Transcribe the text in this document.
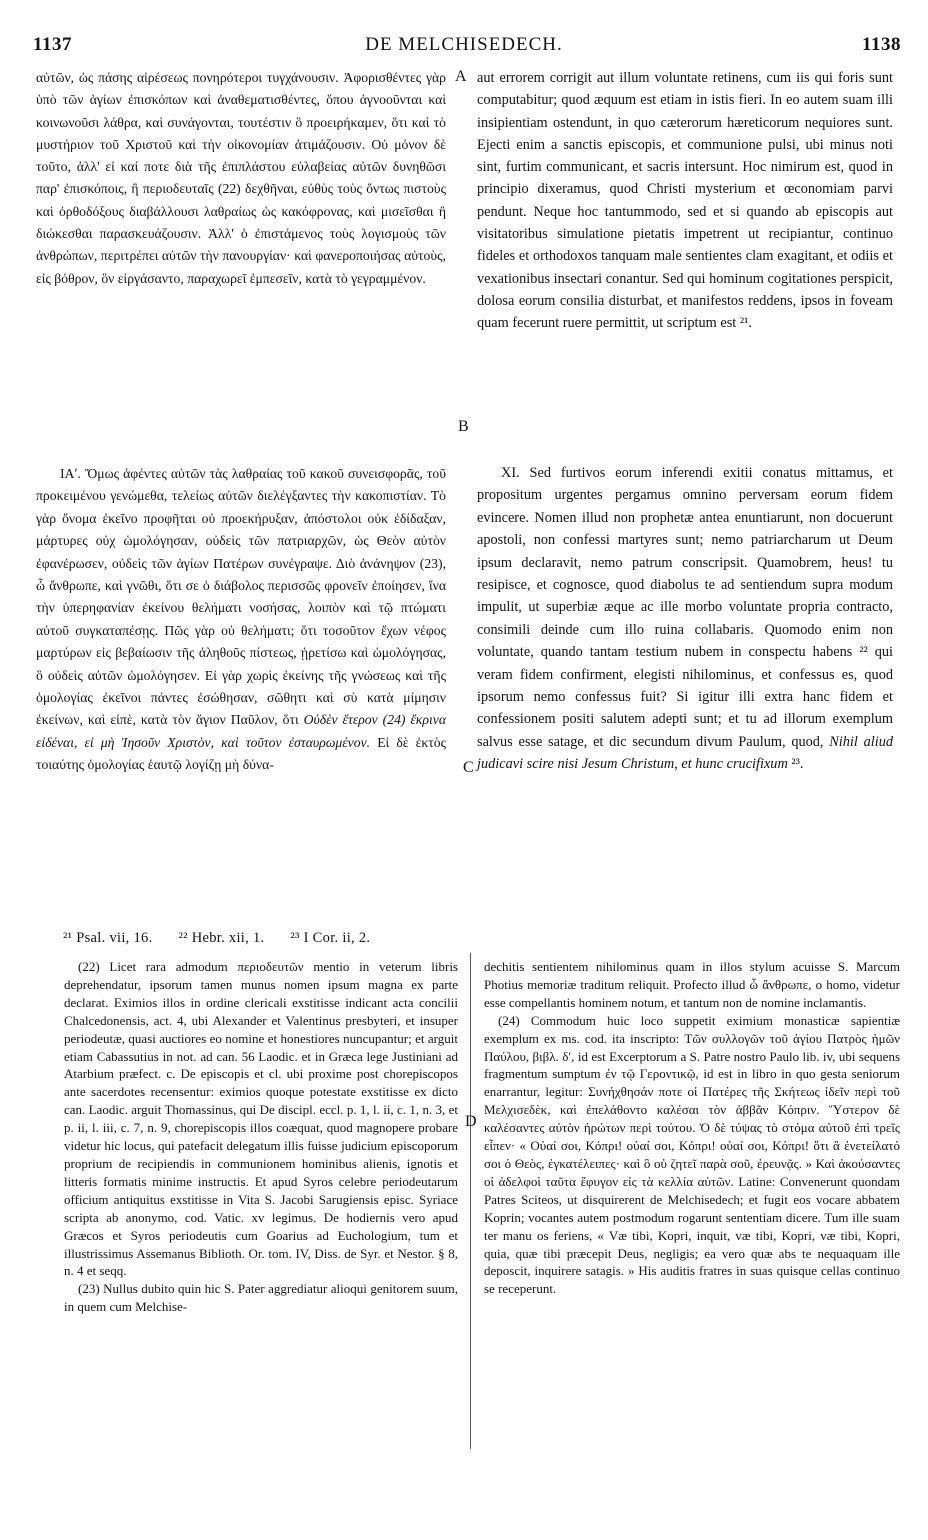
1137	DE MELCHISEDECH.	1138

αὐτῶν, ὡς πάσης αἱρέσεως πονηρότεροι τυγχάνουσιν. Ἀφορισθέντες γὰρ ὑπὸ τῶν ἁγίων ἐπισκόπων καὶ ἀναθεματισθέντες, ὅπου ἀγνοοῦνται καὶ κοινωνοῦσι λάθρα, καὶ συνάγονται, τουτέστιν ὃ προειρήκαμεν, ὅτι καὶ τὸ μυστήριον τοῦ Χριστοῦ καὶ τὴν οἰκονομίαν ἀτιμάζουσιν. Οὐ μόνον δὲ τοῦτο, ἀλλ' εἰ καί ποτε διὰ τῆς ἐπιπλάστου εὐλαβείας αὐτῶν δυνηθῶσι παρ' ἐπισκόποις, ἢ περιοδευταῖς (22) δεχθῆναι, εὐθὺς τοὺς ὄντως πιστοὺς καὶ ὀρθοδόξους διαβάλλουσι λαθραίως ὡς κακόφρονας, καὶ μισεῖσθαι ἢ διώκεσθαι παρασκευάζουσιν. Ἀλλ' ὁ ἐπιστάμενος τοὺς λογισμοὺς τῶν ἀνθρώπων, περιτρέπει αὐτῶν τὴν πανουργίαν· καὶ φανεροποιήσας αὐτοὺς, εἰς βόθρον, ὃν εἰργάσαντο, παραχωρεῖ ἐμπεσεῖν, κατὰ τὸ γεγραμμένον.

aut errorem corrigit aut illum voluntate retinens, cum iis qui foris sunt computabitur; quod æquum est etiam in istis fieri. In eo autem suam illi insipientiam ostendunt, in quo cæterorum hæreticorum nequiores sunt. Ejecti enim a sanctis episcopis, et communione pulsi, ubi minus noti sint, furtim communicant, et sacris intersunt. Hoc nimirum est, quod in principio dixeramus, quod Christi mysterium et œconomiam parvi pendunt. Neque hoc tantummodo, sed et si quando ab episcopis aut visitatoribus simulatione pietatis impetrent ut recipiantur, continuo fideles et orthodoxos tanquam male sentientes clam exagitant, et odiis et vexationibus insectari conantur. Sed qui hominum cogitationes perspicit, dolosa eorum consilia disturbat, et manifestos reddens, ipsos in foveam quam fecerunt ruere permittit, ut scriptum est ²¹.

ΙΑʹ. Ὅμως ἀφέντες αὐτῶν τὰς λαθραίας τοῦ κακοῦ συνεισφορᾶς, τοῦ προκειμένου γενώμεθα, τελείως αὐτῶν διελέγξαντες τὴν κακοπιστίαν. Τὸ γὰρ ὄνομα ἐκεῖνο προφῆται οὐ προεκήρυξαν, ἀπόστολοι οὐκ ἐδίδαξαν, μάρτυρες οὐχ ὡμολόγησαν, οὐδεὶς τῶν πατριαρχῶν, ὡς Θεὸν αὐτὸν ἐφανέρωσεν, οὐδεὶς τῶν ἁγίων Πατέρων συνέγραψε. Διὸ ἀνάνηψον (23), ὦ ἄνθρωπε, καὶ γνῶθι, ὅτι σε ὁ διάβολος περισσῶς φρονεῖν ἐποίησεν, ἵνα τὴν ὑπερηφανίαν ἐκείνου θελήματι νοσήσας, λοιπὸν καὶ τῷ πτώματι αὐτοῦ συγκαταπέσῃς. Πῶς γὰρ οὐ θελήματι; ὅτι τοσοῦτον ἔχων νέφος μαρτύρων εἰς βεβαίωσιν τῆς ἀληθοῦς πίστεως, ᾑρετίσω καὶ ὡμολόγησας, ὃ οὐδεὶς αὐτῶν ὡμολόγησεν. Εἰ γὰρ χωρὶς ἐκείνης τῆς γνώσεως καὶ τῆς ὁμολογίας ἐκεῖνοι πάντες ἐσώθησαν, σῶθητι καὶ σὺ κατὰ μίμησιν ἐκείνων, καὶ εἰπὲ, κατὰ τὸν ἅγιον Παῦλον, ὅτι Οὐδὲν ἕτερον (24) ἔκρινα εἰδέναι, εἰ μὴ Ἰησοῦν Χριστὸν, καὶ τοῦτον ἐσταυρωμένον. Εἰ δὲ ἐκτὸς τοιαύτης ὁμολογίας ἑαυτῷ λογίζῃ μὴ δύνα-

XI. Sed furtivos eorum inferendi exitii conatus mittamus, et propositum urgentes pergamus omnino perversam eorum fidem evincere. Nomen illud non prophetæ antea enuntiarunt, non docuerunt apostoli, non confessi martyres sunt; nemo patriarcharum ut Deum ipsum declaravit, nemo patrum conscripsit. Quamobrem, heus! tu resipisce, et cognosce, quod diabolus te ad sentiendum supra modum impulit, ut superbiæ æque ac ille morbo voluntate propria contracto, consimili deinde cum illo ruina collabaris. Quomodo enim non voluntate, quando tantam testium nubem in conspectu habens ²² qui veram fidem confirment, elegisti nihilominus, et confessus es, quod ipsorum nemo confessus fuit? Si igitur illi extra hanc fidem et confessionem positi salutem adepti sunt; et tu ad illorum exemplum salvus esse satage, et dic secundum divum Paulum, quod, Nihil aliud judicavi scire nisi Jesum Christum, et hunc crucifixum ²³.

A
B
C
D
²¹ Psal. vii, 16. ²² Hebr. xii, 1. ²³ I Cor. ii, 2.

(22) Licet rara admodum περιοδευτῶν mentio in veterum libris deprehendatur, ipsorum tamen munus nomen ipsum magna ex parte declarat. Eximios illos in ordine clericali exstitisse indicant acta concilii Chalcedonensis, act. 4, ubi Alexander et Valentinus presbyteri, et insuper periodeutæ, quasi auctiores eo nomine et honestiores nuncupantur; et arguit etiam Cabassutius in not. ad can. 56 Laodic. et in Græca lege Justiniani ad Atarbium præfect. c. De episcopis et cl. ubi proxime post chorepiscopos ante sacerdotes recensentur: eximios quoque potestate exstitisse ex dicto can. Laodic. arguit Thomassinus, qui De discipl. eccl. p. 1, l. ii, c. 1, n. 3, et p. ii, l. iii, c. 7, n. 9, chorepiscopis illos coæquat, quod magnopere probare videtur hic locus, qui patefacit delegatum illis fuisse judicium episcoporum proprium de recipiendis in communionem hominibus alienis, ignotis et litteris formatis minime instructis. Et apud Syros celebre periodeutarum officium antiquitus exstitisse in Vita S. Jacobi Sarugiensis episc. Syriace scripta ab anonymo, cod. Vatic. xv legimus. De hodiernis vero apud Græcos et Syros periodeutis cum Goarius ad Euchologium, tum et illustrissimus Assemanus Biblioth. Or. tom. IV, Diss. de Syr. et Nestor. § 8, n. 4 et seqq.

(23) Nullus dubito quin hic S. Pater aggrediatur alioqui genitorem suum, in quem cum Melchise-

dechitis sentientem nihilominus quam in illos stylum acuisse S. Marcum Photius memoriæ traditum reliquit. Profecto illud ὦ ἄνθρωπε, o homo, videtur esse compellantis hominem notum, et tantum non de nomine inclamantis.

(24) Commodum huic loco suppetit eximium monasticæ sapientiæ exemplum ex ms. cod. ita inscripto: Τῶν συλλογῶν τοῦ ἁγίου Πατρὸς ἡμῶν Παύλου, βιβλ. δʹ, id est Excerptorum a S. Patre nostro Paulo lib. iv, ubi sequens fragmentum sumptum ἐν τῷ Γεροντικῷ, id est in libro in quo gesta seniorum enarrantur, legitur: Συνήχθησάν ποτε οἱ Πατέρες τῆς Σκήτεως ἰδεῖν περὶ τοῦ Μελχισεδὲκ, καὶ ἐπελάθοντο καλέσαι τὸν ἀββᾶν Κόπριν. Ὕστερον δὲ καλέσαντες αὐτὸν ἠρώτων περὶ τούτου. Ὁ δὲ τύψας τὸ στόμα αὐτοῦ ἐπὶ τρεῖς εἶπεν· « Οὐαί σοι, Κόπρι! οὐαί σοι, Κόπρι! οὐαί σοι, Κόπρι! ὅτι ἃ ἐνετείλατό σοι ὁ Θεὸς, ἐγκατέλειπες· καὶ ὃ οὐ ζητεῖ παρὰ σοῦ, ἐρευνᾷς. » Καὶ ἀκούσαντες οἱ ἀδελφοὶ ταῦτα ἔφυγον εἰς τὰ κελλία αὐτῶν. Latine: Convenerunt quondam Patres Sciteos, ut disquirerent de Melchisedech; et fugit eos vocare abbatem Koprin; vocantes autem postmodum rogarunt sententiam dicere. Tum ille suam ter manu os feriens, « Væ tibi, Kopri, inquit, væ tibi, Kopri, væ tibi, Kopri, quia, quæ tibi præcepit Deus, negligis; ea vero quæ abs te nequaquam ille deposcit, inquirere satagis. » His auditis fratres in suas quisque cellas continuo se receperunt.
